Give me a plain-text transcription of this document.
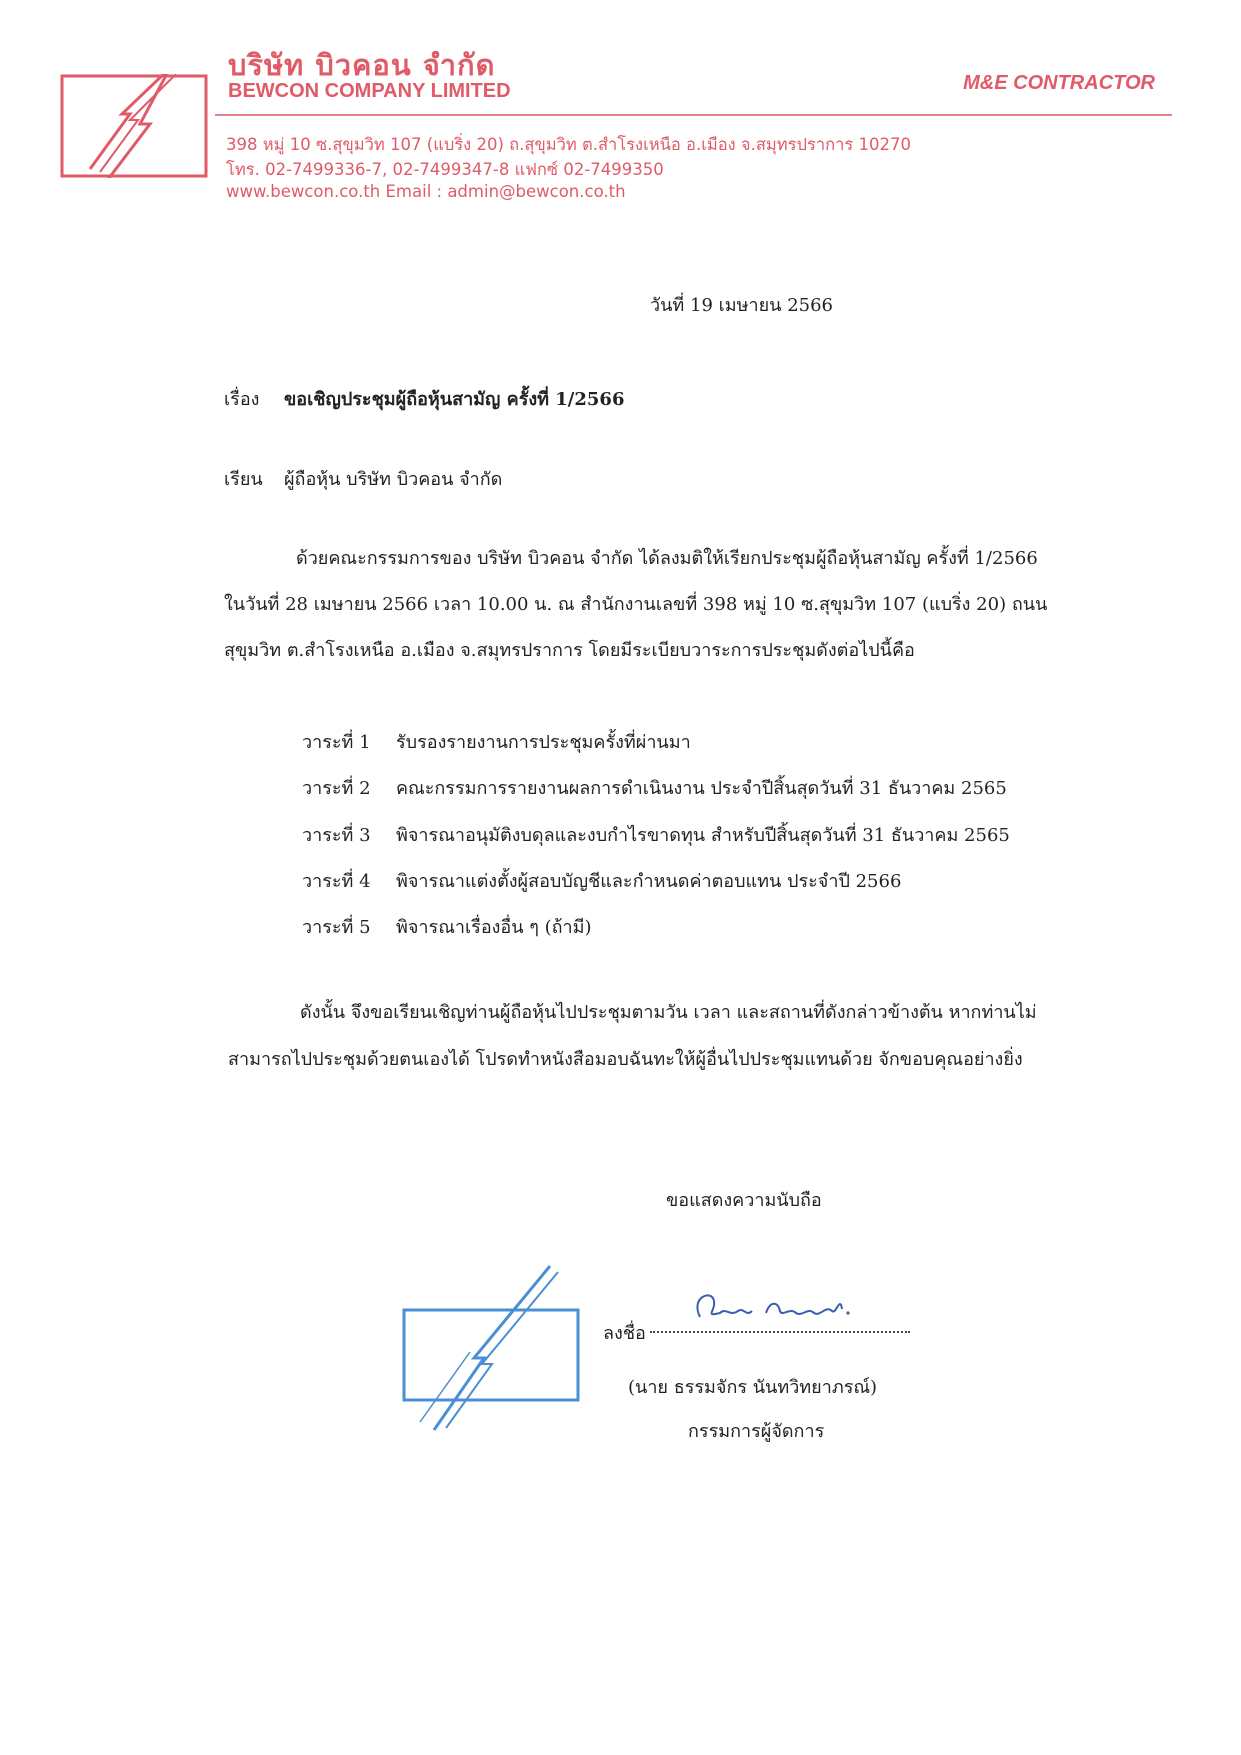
บริษัท บิวคอน จำกัด
BEWCON COMPANY LIMITED	M&E CONTRACTOR
398 หมู่ 10 ซ.สุขุมวิท 107 (แบริ่ง 20) ถ.สุขุมวิท ต.สำโรงเหนือ อ.เมือง จ.สมุทรปราการ 10270
โทร. 02-7499336-7, 02-7499347-8 แฟกซ์ 02-7499350
www.bewcon.co.th Email : admin@bewcon.co.th
วันที่ 19 เมษายน 2566
เรื่อง ขอเชิญประชุมผู้ถือหุ้นสามัญ ครั้งที่ 1/2566
เรียน ผู้ถือหุ้น บริษัท บิวคอน จำกัด
ด้วยคณะกรรมการของ บริษัท บิวคอน จำกัด ได้ลงมติให้เรียกประชุมผู้ถือหุ้นสามัญ ครั้งที่ 1/2566
ในวันที่ 28 เมษายน 2566 เวลา 10.00 น. ณ สำนักงานเลขที่ 398 หมู่ 10 ซ.สุขุมวิท 107 (แบริ่ง 20) ถนน
สุขุมวิท ต.สำโรงเหนือ อ.เมือง จ.สมุทรปราการ โดยมีระเบียบวาระการประชุมดังต่อไปนี้คือ
วาระที่ 1 รับรองรายงานการประชุมครั้งที่ผ่านมา
วาระที่ 2 คณะกรรมการรายงานผลการดำเนินงาน ประจำปีสิ้นสุดวันที่ 31 ธันวาคม 2565
วาระที่ 3 พิจารณาอนุมัติงบดุลและงบกำไรขาดทุน สำหรับปีสิ้นสุดวันที่ 31 ธันวาคม 2565
วาระที่ 4 พิจารณาแต่งตั้งผู้สอบบัญชีและกำหนดค่าตอบแทน ประจำปี 2566
วาระที่ 5 พิจารณาเรื่องอื่น ๆ (ถ้ามี)
ดังนั้น จึงขอเรียนเชิญท่านผู้ถือหุ้นไปประชุมตามวัน เวลา และสถานที่ดังกล่าวข้างต้น หากท่านไม่
สามารถไปประชุมด้วยตนเองได้ โปรดทำหนังสือมอบฉันทะให้ผู้อื่นไปประชุมแทนด้วย จักขอบคุณอย่างยิ่ง
ขอแสดงความนับถือ
ลงชื่อ
(นาย ธรรมจักร นันทวิทยาภรณ์)
กรรมการผู้จัดการ
